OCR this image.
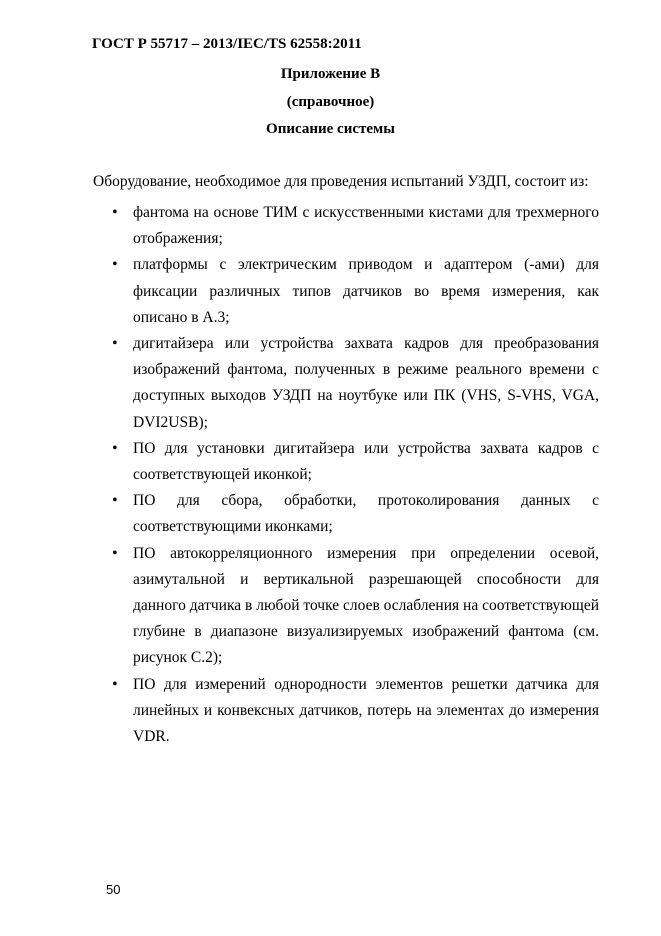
ГОСТ Р 55717 – 2013/IEC/TS 62558:2011
Приложение В
(справочное)
Описание системы
Оборудование, необходимое для проведения испытаний УЗДП, состоит из:
• фантома на основе ТИМ с искусственными кистами для трехмерного отображения;
• платформы с электрическим приводом и адаптером (-ами) для фиксации различных типов датчиков во время измерения, как описано в А.3;
• дигитайзера или устройства захвата кадров для преобразования изображений фантома, полученных в режиме реального времени с доступных выходов УЗДП на ноутбуке или ПК (VHS, S-VHS, VGA, DVI2USB);
• ПО для установки дигитайзера или устройства захвата кадров с соответствующей иконкой;
• ПО для сбора, обработки, протоколирования данных с соответствующими иконками;
• ПО автокорреляционного измерения при определении осевой, азимутальной и вертикальной разрешающей способности для данного датчика в любой точке слоев ослабления на соответствующей глубине в диапазоне визуализируемых изображений фантома (см. рисунок С.2);
• ПО для измерений однородности элементов решетки датчика для линейных и конвексных датчиков, потерь на элементах до измерения VDR.
50
